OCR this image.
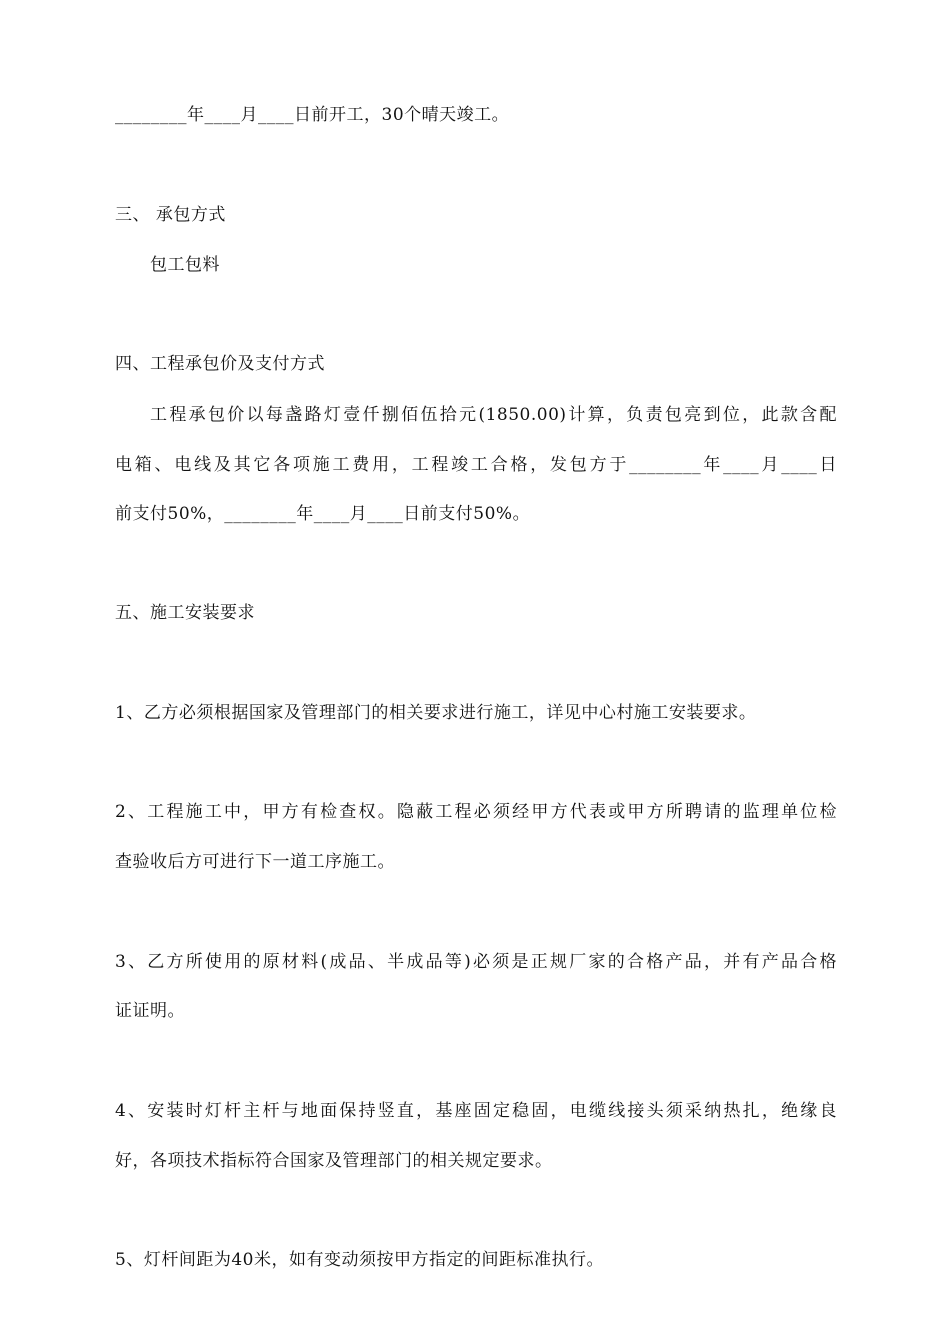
________年____月____日前开工，30个晴天竣工。
三、 承包方式
包工包料
四、工程承包价及支付方式
工程承包价以每盏路灯壹仟捌佰伍拾元(1850.00)计算，负责包亮到位，此款含配
电箱、电线及其它各项施工费用，工程竣工合格，发包方于________年____月____日
前支付50%，________年____月____日前支付50%。
五、施工安装要求
1、乙方必须根据国家及管理部门的相关要求进行施工，详见中心村施工安装要求。
2、工程施工中，甲方有检查权。隐蔽工程必须经甲方代表或甲方所聘请的监理单位检
查验收后方可进行下一道工序施工。
3、乙方所使用的原材料(成品、半成品等)必须是正规厂家的合格产品，并有产品合格
证证明。
4、安装时灯杆主杆与地面保持竖直，基座固定稳固，电缆线接头须采纳热扎，绝缘良
好，各项技术指标符合国家及管理部门的相关规定要求。
5、灯杆间距为40米，如有变动须按甲方指定的间距标准执行。
